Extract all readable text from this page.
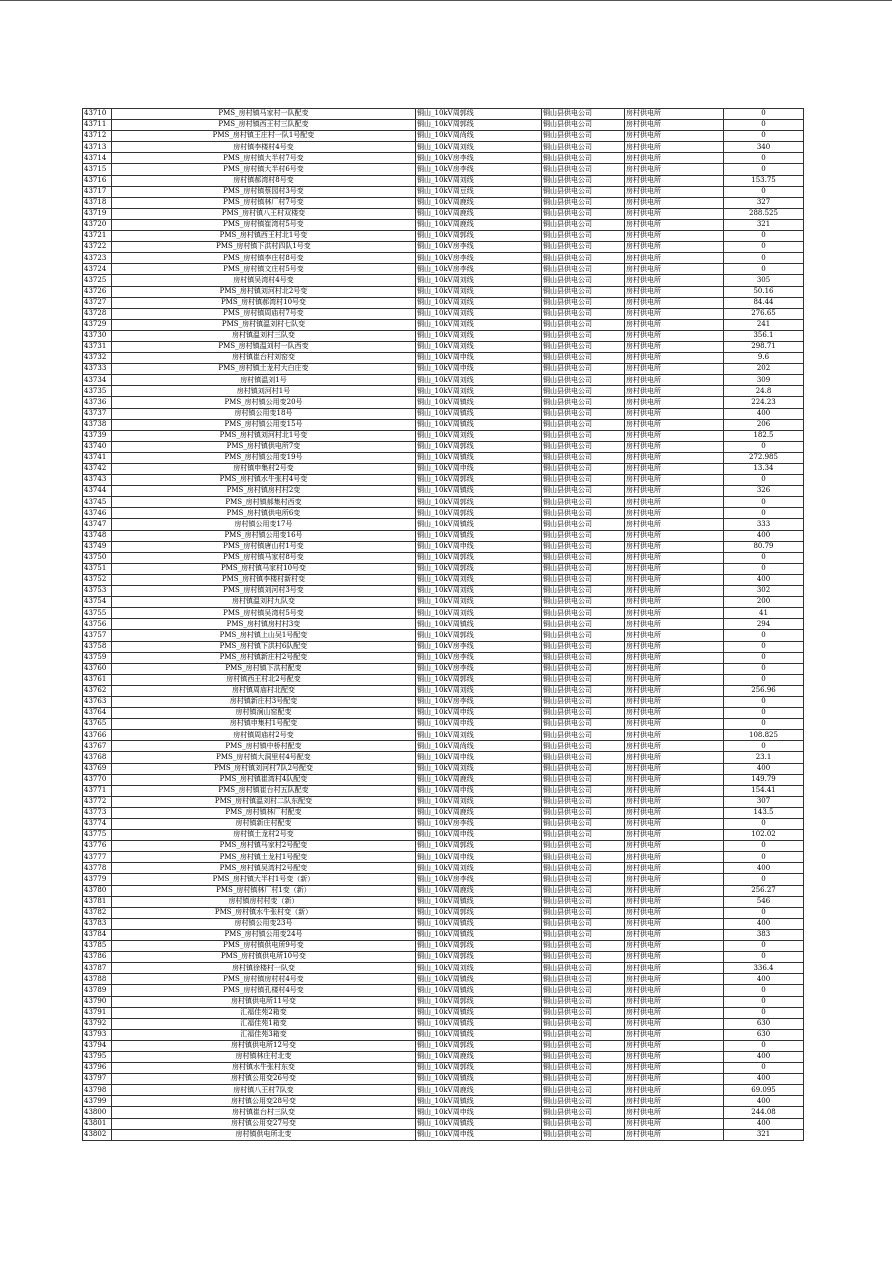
43710	PMS_房村镇马家村一队配变	铜山_10kV周郭线	铜山县供电公司	房村供电所	0
43711	PMS_房村镇西王村三队配变	铜山_10kV周郭线	铜山县供电公司	房村供电所	0
43712	PMS_房村镇王庄村一队1号配变	铜山_10kV周尚线	铜山县供电公司	房村供电所	0
43713	房村镇李楼村4号变	铜山_10kV周刘线	铜山县供电公司	房村供电所	340
43714	PMS_房村镇大半村7号变	铜山_10kV房李线	铜山县供电公司	房村供电所	0
43715	PMS_房村镇大半村6号变	铜山_10kV房李线	铜山县供电公司	房村供电所	0
43716	房村镇郝湾村8号变	铜山_10kV周刘线	铜山县供电公司	房村供电所	153.75
43717	PMS_房村镇蔡园村3号变	铜山_10kV周豆线	铜山县供电公司	房村供电所	0
43718	PMS_房村镇林厂村7号变	铜山_10kV周鹿线	铜山县供电公司	房村供电所	327
43719	PMS_房村镇八王村双楼变	铜山_10kV周鹿线	铜山县供电公司	房村供电所	288.525
43720	PMS_房村镇崔湾村5号变	铜山_10kV周鹿线	铜山县供电公司	房村供电所	321
43721	PMS_房村镇西王村北1号变	铜山_10kV周郭线	铜山县供电公司	房村供电所	0
43722	PMS_房村镇下洪村四队1号变	铜山_10kV房李线	铜山县供电公司	房村供电所	0
43723	PMS_房村镇李庄村8号变	铜山_10kV房李线	铜山县供电公司	房村供电所	0
43724	PMS_房村镇文庄村5号变	铜山_10kV房李线	铜山县供电公司	房村供电所	0
43725	房村镇吴湾村4号变	铜山_10kV周刘线	铜山县供电公司	房村供电所	305
43726	PMS_房村镇刘河村北2号变	铜山_10kV周刘线	铜山县供电公司	房村供电所	50.16
43727	PMS_房村镇郝湾村10号变	铜山_10kV周刘线	铜山县供电公司	房村供电所	84.44
43728	PMS_房村镇周庙村7号变	铜山_10kV周刘线	铜山县供电公司	房村供电所	276.65
43729	PMS_房村镇温刘村七队变	铜山_10kV周刘线	铜山县供电公司	房村供电所	241
43730	房村镇温刘村三队变	铜山_10kV周刘线	铜山县供电公司	房村供电所	356.1
43731	PMS_房村镇温刘村一队西变	铜山_10kV周刘线	铜山县供电公司	房村供电所	298.71
43732	房村镇崔台村刘窑变	铜山_10kV周申线	铜山县供电公司	房村供电所	9.6
43733	PMS_房村镇土龙村大白庄变	铜山_10kV周申线	铜山县供电公司	房村供电所	202
43734	房村镇温刘1号	铜山_10kV周刘线	铜山县供电公司	房村供电所	309
43735	房村镇刘河村1号	铜山_10kV周刘线	铜山县供电公司	房村供电所	24.8
43736	PMS_房村镇公用变20号	铜山_10kV周镇线	铜山县供电公司	房村供电所	224.23
43737	房村镇公用变18号	铜山_10kV周镇线	铜山县供电公司	房村供电所	400
43738	PMS_房村镇公用变15号	铜山_10kV周镇线	铜山县供电公司	房村供电所	206
43739	PMS_房村镇刘河村北1号变	铜山_10kV周刘线	铜山县供电公司	房村供电所	182.5
43740	PMS_房村镇供电所7变	铜山_10kV周郭线	铜山县供电公司	房村供电所	0
43741	PMS_房村镇公用变19号	铜山_10kV周镇线	铜山县供电公司	房村供电所	272.985
43742	房村镇申集村2号变	铜山_10kV周申线	铜山县供电公司	房村供电所	13.34
43743	PMS_房村镇水牛张村4号变	铜山_10kV周郭线	铜山县供电公司	房村供电所	0
43744	PMS_房村镇房村村2变	铜山_10kV周镇线	铜山县供电公司	房村供电所	326
43745	PMS_房村镇郝集村西变	铜山_10kV周郭线	铜山县供电公司	房村供电所	0
43746	PMS_房村镇供电所6变	铜山_10kV周郭线	铜山县供电公司	房村供电所	0
43747	房村镇公用变17号	铜山_10kV周镇线	铜山县供电公司	房村供电所	333
43748	PMS_房村镇公用变16号	铜山_10kV周镇线	铜山县供电公司	房村供电所	400
43749	PMS_房村镇唐山村1号变	铜山_10kV周申线	铜山县供电公司	房村供电所	80.79
43750	PMS_房村镇马家村8号变	铜山_10kV周郭线	铜山县供电公司	房村供电所	0
43751	PMS_房村镇马家村10号变	铜山_10kV周郭线	铜山县供电公司	房村供电所	0
43752	PMS_房村镇李楼村新村变	铜山_10kV周刘线	铜山县供电公司	房村供电所	400
43753	PMS_房村镇刘河村3号变	铜山_10kV周刘线	铜山县供电公司	房村供电所	302
43754	房村镇温刘村九队变	铜山_10kV周刘线	铜山县供电公司	房村供电所	200
43755	PMS_房村镇吴湾村5号变	铜山_10kV周刘线	铜山县供电公司	房村供电所	41
43756	PMS_房村镇房村村3变	铜山_10kV周镇线	铜山县供电公司	房村供电所	294
43757	PMS_房村镇上山吴1号配变	铜山_10kV周郭线	铜山县供电公司	房村供电所	0
43758	PMS_房村镇下洪村6队配变	铜山_10kV房李线	铜山县供电公司	房村供电所	0
43759	PMS_房村镇新庄村2号配变	铜山_10kV房李线	铜山县供电公司	房村供电所	0
43760	PMS_房村镇下洪村配变	铜山_10kV房李线	铜山县供电公司	房村供电所	0
43761	房村镇西王村北2号配变	铜山_10kV周郭线	铜山县供电公司	房村供电所	0
43762	房村镇周庙村北配变	铜山_10kV周刘线	铜山县供电公司	房村供电所	256.96
43763	房村镇新庄村3号配变	铜山_10kV房李线	铜山县供电公司	房村供电所	0
43764	房村镇涧山窑配变	铜山_10kV周申线	铜山县供电公司	房村供电所	0
43765	房村镇申集村1号配变	铜山_10kV周申线	铜山县供电公司	房村供电所	0
43766	房村镇周庙村2号变	铜山_10kV周刘线	铜山县供电公司	房村供电所	108.825
43767	PMS_房村镇中桥村配变	铜山_10kV周尚线	铜山县供电公司	房村供电所	0
43768	PMS_房村镇大洞里村4号配变	铜山_10kV周申线	铜山县供电公司	房村供电所	23.1
43769	PMS_房村镇刘河村7队2号配变	铜山_10kV周刘线	铜山县供电公司	房村供电所	400
43770	PMS_房村镇崔湾村4队配变	铜山_10kV周鹿线	铜山县供电公司	房村供电所	149.79
43771	PMS_房村镇崔台村五队配变	铜山_10kV周申线	铜山县供电公司	房村供电所	154.41
43772	PMS_房村镇温刘村二队东配变	铜山_10kV周刘线	铜山县供电公司	房村供电所	307
43773	PMS_房村镇林厂村配变	铜山_10kV周鹿线	铜山县供电公司	房村供电所	143.5
43774	房村镇新庄村配变	铜山_10kV房李线	铜山县供电公司	房村供电所	0
43775	房村镇土龙村2号变	铜山_10kV周申线	铜山县供电公司	房村供电所	102.02
43776	PMS_房村镇马家村2号配变	铜山_10kV周郭线	铜山县供电公司	房村供电所	0
43777	PMS_房村镇土龙村1号配变	铜山_10kV周申线	铜山县供电公司	房村供电所	0
43778	PMS_房村镇吴湾村2号配变	铜山_10kV周刘线	铜山县供电公司	房村供电所	400
43779	PMS_房村镇大半村1号变（新）	铜山_10kV房李线	铜山县供电公司	房村供电所	0
43780	PMS_房村镇林厂村1变（新）	铜山_10kV周鹿线	铜山县供电公司	房村供电所	256.27
43781	房村镇房村村变（新）	铜山_10kV周镇线	铜山县供电公司	房村供电所	546
43782	PMS_房村镇水牛张村变（新）	铜山_10kV周郭线	铜山县供电公司	房村供电所	0
43783	房村镇公用变23号	铜山_10kV周镇线	铜山县供电公司	房村供电所	400
43784	PMS_房村镇公用变24号	铜山_10kV周镇线	铜山县供电公司	房村供电所	383
43785	PMS_房村镇供电所9号变	铜山_10kV周郭线	铜山县供电公司	房村供电所	0
43786	PMS_房村镇供电所10号变	铜山_10kV周郭线	铜山县供电公司	房村供电所	0
43787	房村镇徐楼村一队变	铜山_10kV周刘线	铜山县供电公司	房村供电所	336.4
43788	PMS_房村镇房村村4号变	铜山_10kV周镇线	铜山县供电公司	房村供电所	400
43789	PMS_房村镇孔楼村4号变	铜山_10kV周镇线	铜山县供电公司	房村供电所	0
43790	房村镇供电所11号变	铜山_10kV周郭线	铜山县供电公司	房村供电所	0
43791	汇福佳苑2箱变	铜山_10kV周镇线	铜山县供电公司	房村供电所	0
43792	汇福佳苑1箱变	铜山_10kV周镇线	铜山县供电公司	房村供电所	630
43793	汇福佳苑3箱变	铜山_10kV周镇线	铜山县供电公司	房村供电所	630
43794	房村镇供电所12号变	铜山_10kV周郭线	铜山县供电公司	房村供电所	0
43795	房村镇林庄村北变	铜山_10kV周鹿线	铜山县供电公司	房村供电所	400
43796	房村镇水牛张村东变	铜山_10kV周郭线	铜山县供电公司	房村供电所	0
43797	房村镇公用变26号变	铜山_10kV周镇线	铜山县供电公司	房村供电所	400
43798	房村镇八王村7队变	铜山_10kV周鹿线	铜山县供电公司	房村供电所	69.095
43799	房村镇公用变28号变	铜山_10kV周镇线	铜山县供电公司	房村供电所	400
43800	房村镇崔台村三队变	铜山_10kV周申线	铜山县供电公司	房村供电所	244.08
43801	房村镇公用变27号变	铜山_10kV周镇线	铜山县供电公司	房村供电所	400
43802	房村镇供电所北变	铜山_10kV周申线	铜山县供电公司	房村供电所	321
